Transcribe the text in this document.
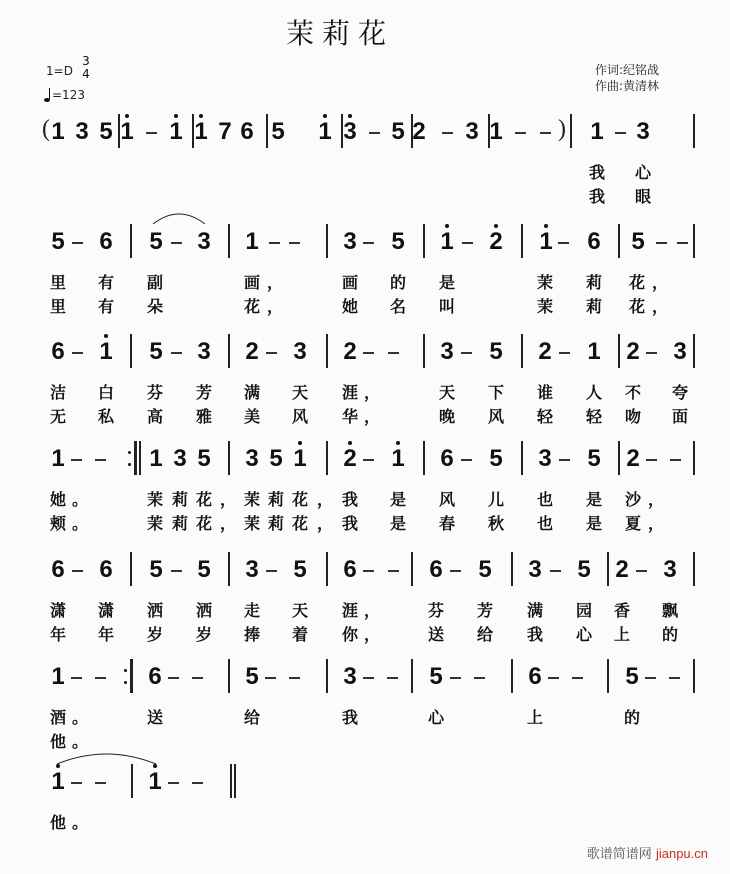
茉莉花
1=D
3
4
=123
作词:纪铭战
作曲:黄清林
1 3 5 1 1 1 7 6 5 1 3 5 2 3 1	1 3
(	)
我 心
我 眼
5 6 5 3 1	3 5 1 2 1 6 5
里 有 副	画 ，	画 的 是	茉 莉 花 ，
里 有 朵	花 ，	她 名 叫	茉 莉 花 ，
6 1 5 3 2 3 2	3 5 2 1 2 3
洁 白 芬 芳 满 天 涯 ，	天 下 谁 人 不 夸
无 私 高 雅 美 风 华 ，	晚 风 轻 轻 吻 面
1	1 3 5 3 5 1 2 1 6 5 3 5 2
她 。	茉 莉 花 ， 茉 莉 花 ， 我 是 风 儿 也 是 沙 ，
颊 。	茉 莉 花 ， 茉 莉 花 ， 我 是 春 秋 也 是 夏 ，
6 6 5 5 3 5 6	6 5 3 5 2 3
潇 潇 洒 洒 走 天 涯 ，	芬 芳 满 园 香 飘
年 年 岁 岁 捧 着 你 ，	送 给 我 心 上 的
1	6	5	3	5	6	5
酒 。	送	给	我	心	上	的
他 。
1	1
他 。
歌谱简谱网 jianpu.cn
